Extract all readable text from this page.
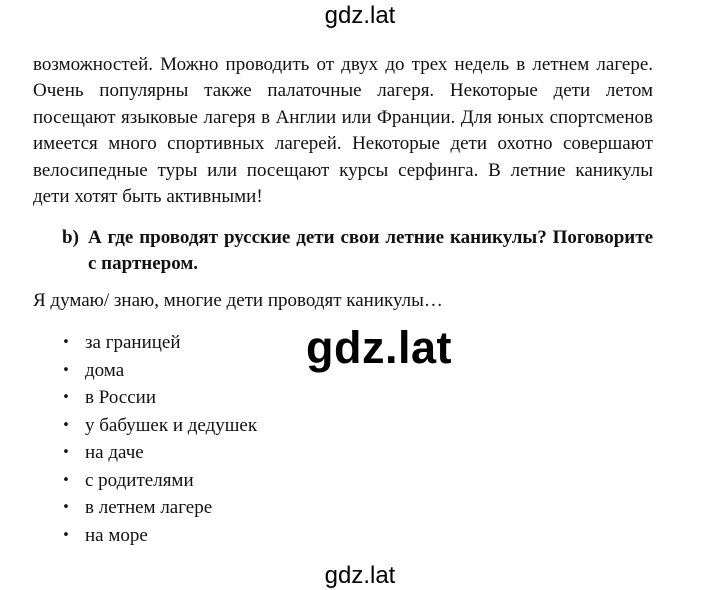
gdz.lat
возможностей. Можно проводить от двух до трех недель в летнем лагере. Очень популярны также палаточные лагеря. Некоторые дети летом посещают языковые лагеря в Англии или Франции. Для юных спортсменов имеется много спортивных лагерей. Некоторые дети охотно совершают велосипедные туры или посещают курсы серфинга. В летние каникулы дети хотят быть активными!
b) А где проводят русские дети свои летние каникулы? Поговорите с партнером.
Я думаю/ знаю, многие дети проводят каникулы…
• за границей
• дома
• в России
• у бабушек и дедушек
• на даче
• с родителями
• в летнем лагере
• на море
gdz.lat
gdz.lat
